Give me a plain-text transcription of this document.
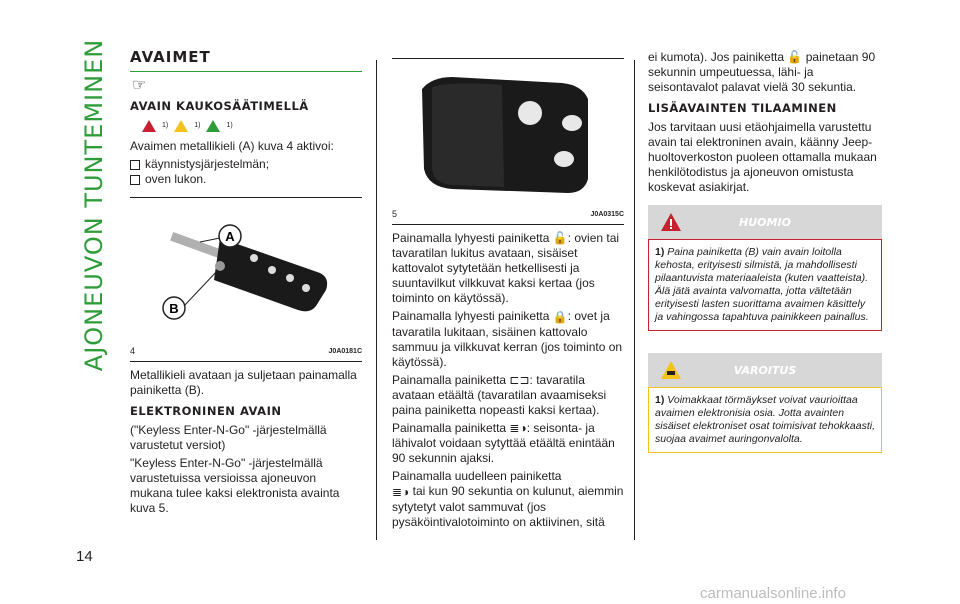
AJONEUVON TUNTEMINEN
14
AVAIMET
☞
AVAIN KAUKOSÄÄTIMELLÄ
1)	1)	1)

Avaimen metallikieli (A) kuva 4 aktivoi:

käynnistysjärjestelmän;
oven lukon.
A
B
4	J0A0181C

Metallikieli avataan ja suljetaan painamalla painiketta (B).

ELEKTRONINEN AVAIN

("Keyless Enter-N-Go" -järjestelmällä varustetut versiot)

"Keyless Enter-N-Go" -järjestelmällä varustetuissa versioissa ajoneuvon mukana tulee kaksi elektronista avainta kuva 5.

5	J0A0315C

Painamalla lyhyesti painiketta 🔓: ovien tai tavaratilan lukitus avataan, sisäiset kattovalot sytytetään hetkellisesti ja suuntavilkut vilkkuvat kaksi kertaa (jos toiminto on käytössä).

Painamalla lyhyesti painiketta 🔒: ovet ja tavaratila lukitaan, sisäinen kattovalo sammuu ja vilkkuvat kerran (jos toiminto on käytössä).

Painamalla painiketta ⊏⊐: tavaratila avataan etäältä (tavaratilan avaamiseksi paina painiketta nopeasti kaksi kertaa).

Painamalla painiketta ≣◑: seisonta- ja lähivalot voidaan sytyttää etäältä enintään 90 sekunnin ajaksi.

Painamalla uudelleen painiketta
≣◑ tai kun 90 sekuntia on kulunut, aiemmin sytytetyt valot sammuvat (jos pysäköintivalotoiminto on aktiivinen, sitä

ei kumota). Jos painiketta 🔓 painetaan 90 sekunnin umpeutuessa, lähi- ja seisontavalot palavat vielä 30 sekuntia.

LISÄAVAINTEN TILAAMINEN

Jos tarvitaan uusi etäohjaimella varustettu avain tai elektroninen avain, käänny Jeep-huoltoverkoston puoleen ottamalla mukaan henkilötodistus ja ajoneuvon omistusta koskevat asiakirjat.

HUOMIO
1) Paina painiketta (B) vain avain loitolla kehosta, erityisesti silmistä, ja mahdollisesti pilaantuvista materiaaleista (kuten vaatteista). Älä jätä avainta valvomatta, jotta vältetään erityisesti lasten suorittama avaimen käsittely ja vahingossa tapahtuva painikkeen painallus.
VAROITUS
1) Voimakkaat törmäykset voivat vaurioittaa avaimen elektronisia osia. Jotta avainten sisäiset elektroniset osat toimisivat tehokkaasti, suojaa avaimet auringonvalolta.
carmanualsonline.info
